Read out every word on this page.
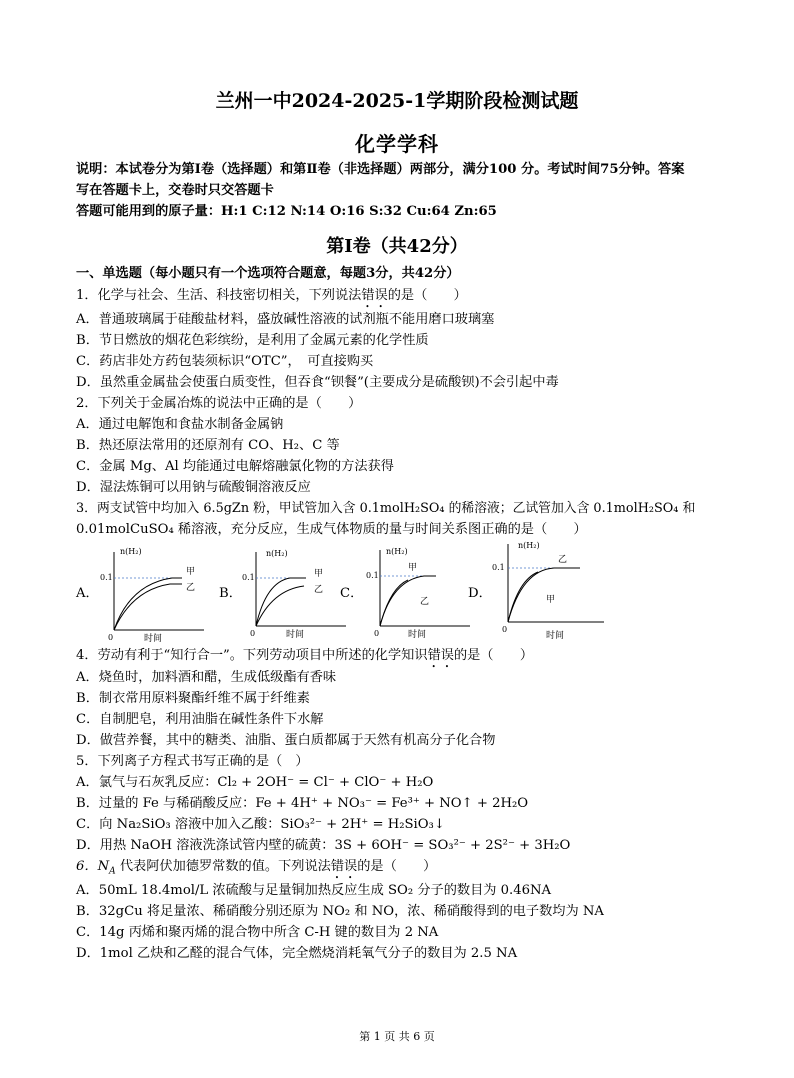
兰州一中2024-2025-1学期阶段检测试题
化学学科
说明：本试卷分为第Ⅰ卷（选择题）和第Ⅱ卷（非选择题）两部分，满分100 分。考试时间75分钟。答案
写在答题卡上，交卷时只交答题卡
答题可能用到的原子量：H:1 C:12 N:14 O:16 S:32 Cu:64 Zn:65
第Ⅰ卷（共42分）
一、单选题（每小题只有一个选项符合题意，每题3分，共42分）
1．化学与社会、生活、科技密切相关，下列说法错误的是（　　）
A．普通玻璃属于硅酸盐材料，盛放碱性溶液的试剂瓶不能用磨口玻璃塞
B．节日燃放的烟花色彩缤纷，是利用了金属元素的化学性质
C．药店非处方药包装须标识“OTC”，　可直接购买
D．虽然重金属盐会使蛋白质变性，但吞食“钡餐”(主要成分是硫酸钡)不会引起中毒
2．下列关于金属冶炼的说法中正确的是（　　）
A．通过电解饱和食盐水制备金属钠
B．热还原法常用的还原剂有 CO、H₂、C 等
C．金属 Mg、Al 均能通过电解熔融氯化物的方法获得
D．湿法炼铜可以用钠与硫酸铜溶液反应
3．两支试管中均加入 6.5gZn 粉，甲试管加入含 0.1molH₂SO₄ 的稀溶液；乙试管加入含 0.1molH₂SO₄ 和
0.01molCuSO₄ 稀溶液，充分反应，生成气体物质的量与时间关系图正确的是（　　）
A．
n(H₂)
0.1
0	时间
甲
乙 B．
n(H₂)
0.1
0	时间
甲
乙 C．
n(H₂)
0.1
0	时间
甲
乙
D．
n(H₂)
0.1
0
时间
乙
甲
4．劳动有利于“知行合一”。下列劳动项目中所述的化学知识错误的是（　　）
A．烧鱼时，加料酒和醋，生成低级酯有香味
B．制衣常用原料聚酯纤维不属于纤维素
C．自制肥皂，利用油脂在碱性条件下水解
D．做营养餐，其中的糖类、油脂、蛋白质都属于天然有机高分子化合物
5．下列离子方程式书写正确的是（　）
A．氯气与石灰乳反应：Cl₂ + 2OH⁻ = Cl⁻ + ClO⁻ + H₂O
B．过量的 Fe 与稀硝酸反应：Fe + 4H⁺ + NO₃⁻ = Fe³⁺ + NO↑ + 2H₂O
C．向 Na₂SiO₃ 溶液中加入乙酸：SiO₃²⁻ + 2H⁺ = H₂SiO₃↓
D．用热 NaOH 溶液洗涤试管内壁的硫黄：3S + 6OH⁻ = SO₃²⁻ + 2S²⁻ + 3H₂O
6．$N_A$ 代表阿伏加德罗常数的值。下列说法错误的是（　　）
A．50mL 18.4mol/L 浓硫酸与足量铜加热反应生成 SO₂ 分子的数目为 0.46NA
B．32gCu 将足量浓、稀硝酸分别还原为 NO₂ 和 NO，浓、稀硝酸得到的电子数均为 NA
C．14g 丙烯和聚丙烯的混合物中所含 C-H 键的数目为 2 NA
D．1mol 乙炔和乙醛的混合气体，完全燃烧消耗氧气分子的数目为 2.5 NA
第 1 页 共 6 页
